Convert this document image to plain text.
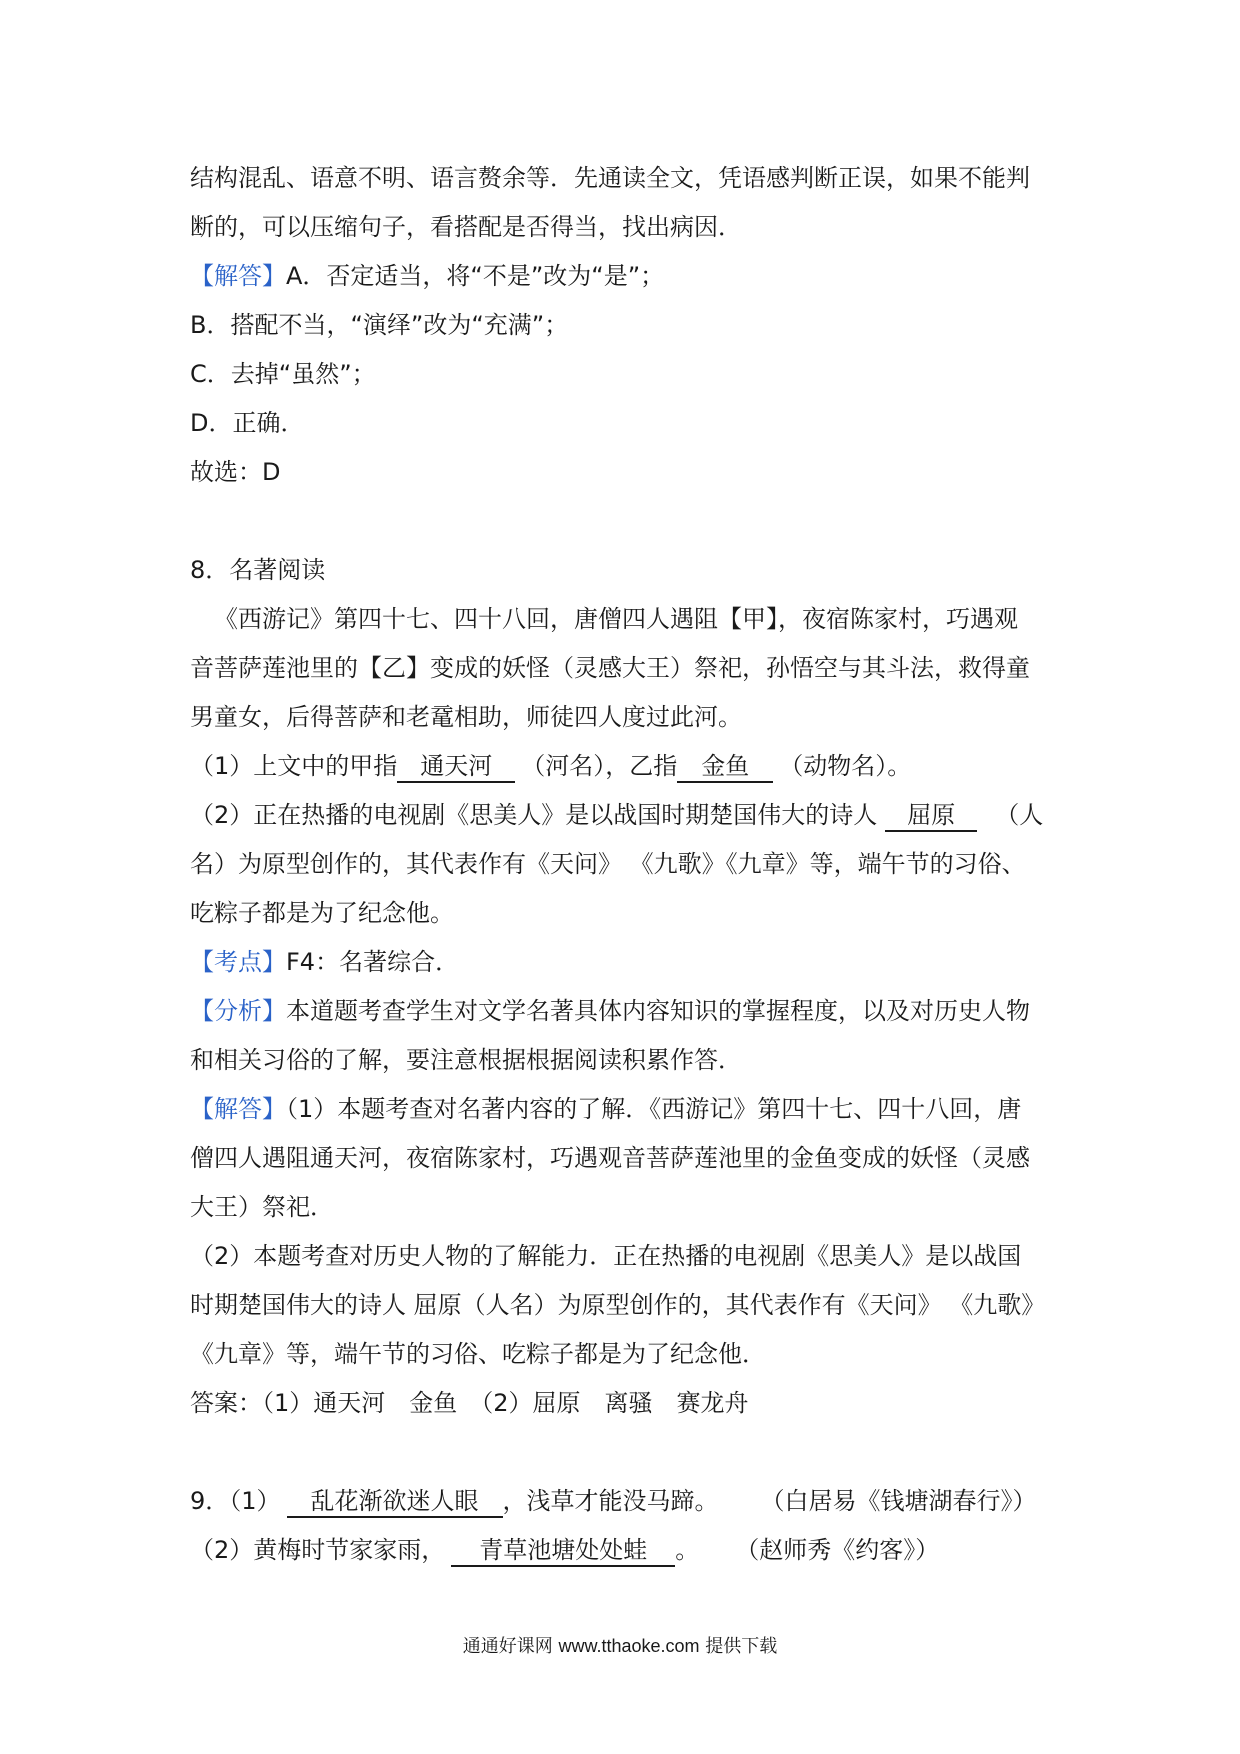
结构混乱、语意不明、语言赘余等．先通读全文，凭语感判断正误，如果不能判
断的，可以压缩句子，看搭配是否得当，找出病因．
【解答】A．否定适当，将“不是”改为“是”；
B．搭配不当，“演绎”改为“充满”；
C．去掉“虽然”；
D．正确．
故选：D
8．名著阅读
《西游记》第四十七、四十八回，唐僧四人遇阻【甲】，夜宿陈家村，巧遇观
音菩萨莲池里的【乙】变成的妖怪（灵感大王）祭祀，孙悟空与其斗法，救得童
男童女，后得菩萨和老鼋相助，师徒四人度过此河。
（1）上文中的甲指 通天河 （河名），乙指 金鱼 （动物名）。
（2）正在热播的电视剧《思美人》是以战国时期楚国伟大的诗人 屈原 （人
名）为原型创作的，其代表作有《天问》 《九歌》《九章》等，端午节的习俗、
吃粽子都是为了纪念他。
【考点】F4：名著综合．
【分析】本道题考查学生对文学名著具体内容知识的掌握程度，以及对历史人物
和相关习俗的了解，要注意根据根据阅读积累作答．
【解答】（1）本题考查对名著内容的了解．《西游记》第四十七、四十八回，唐
僧四人遇阻通天河，夜宿陈家村，巧遇观音菩萨莲池里的金鱼变成的妖怪（灵感
大王）祭祀．
（2）本题考查对历史人物的了解能力．正在热播的电视剧《思美人》是以战国
时期楚国伟大的诗人 屈原（人名）为原型创作的，其代表作有《天问》 《九歌》
《九章》等，端午节的习俗、吃粽子都是为了纪念他．
答案：（1）通天河　金鱼　（2）屈原　离骚　赛龙舟
9．（1） 乱花渐欲迷人眼 ，浅草才能没马蹄。 （白居易《钱塘湖春行》）
（2）黄梅时节家家雨， 青草池塘处处蛙 。 （赵师秀《约客》）
通通好课网 www.tthaoke.com 提供下载
